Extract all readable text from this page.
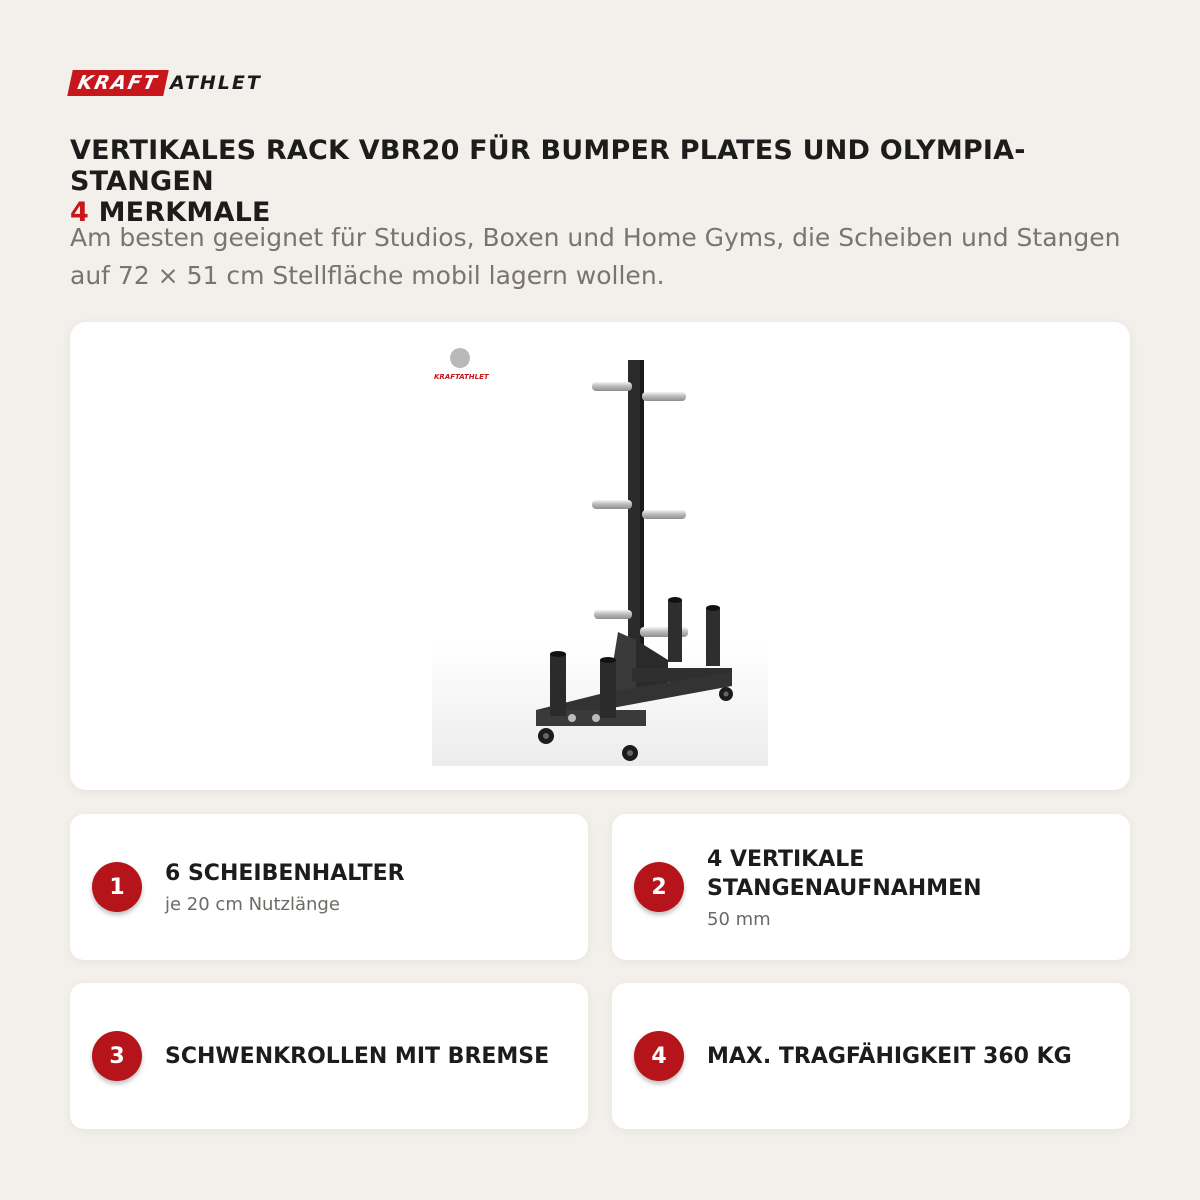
KRAFT ATHLET
VERTIKALES RACK VBR20 FÜR BUMPER PLATES UND OLYMPIA-STANGEN
4 MERKMALE
Am besten geeignet für Studios, Boxen und Home Gyms, die Scheiben und Stangen auf 72 × 51 cm Stellfläche mobil lagern wollen.
KRAFTATHLET
1
6 SCHEIBENHALTER
je 20 cm Nutzlänge
2
4 VERTIKALE STANGENAUFNAHMEN
50 mm
3	SCHWENKROLLEN MIT BREMSE	4	MAX. TRAGFÄHIGKEIT 360 KG
